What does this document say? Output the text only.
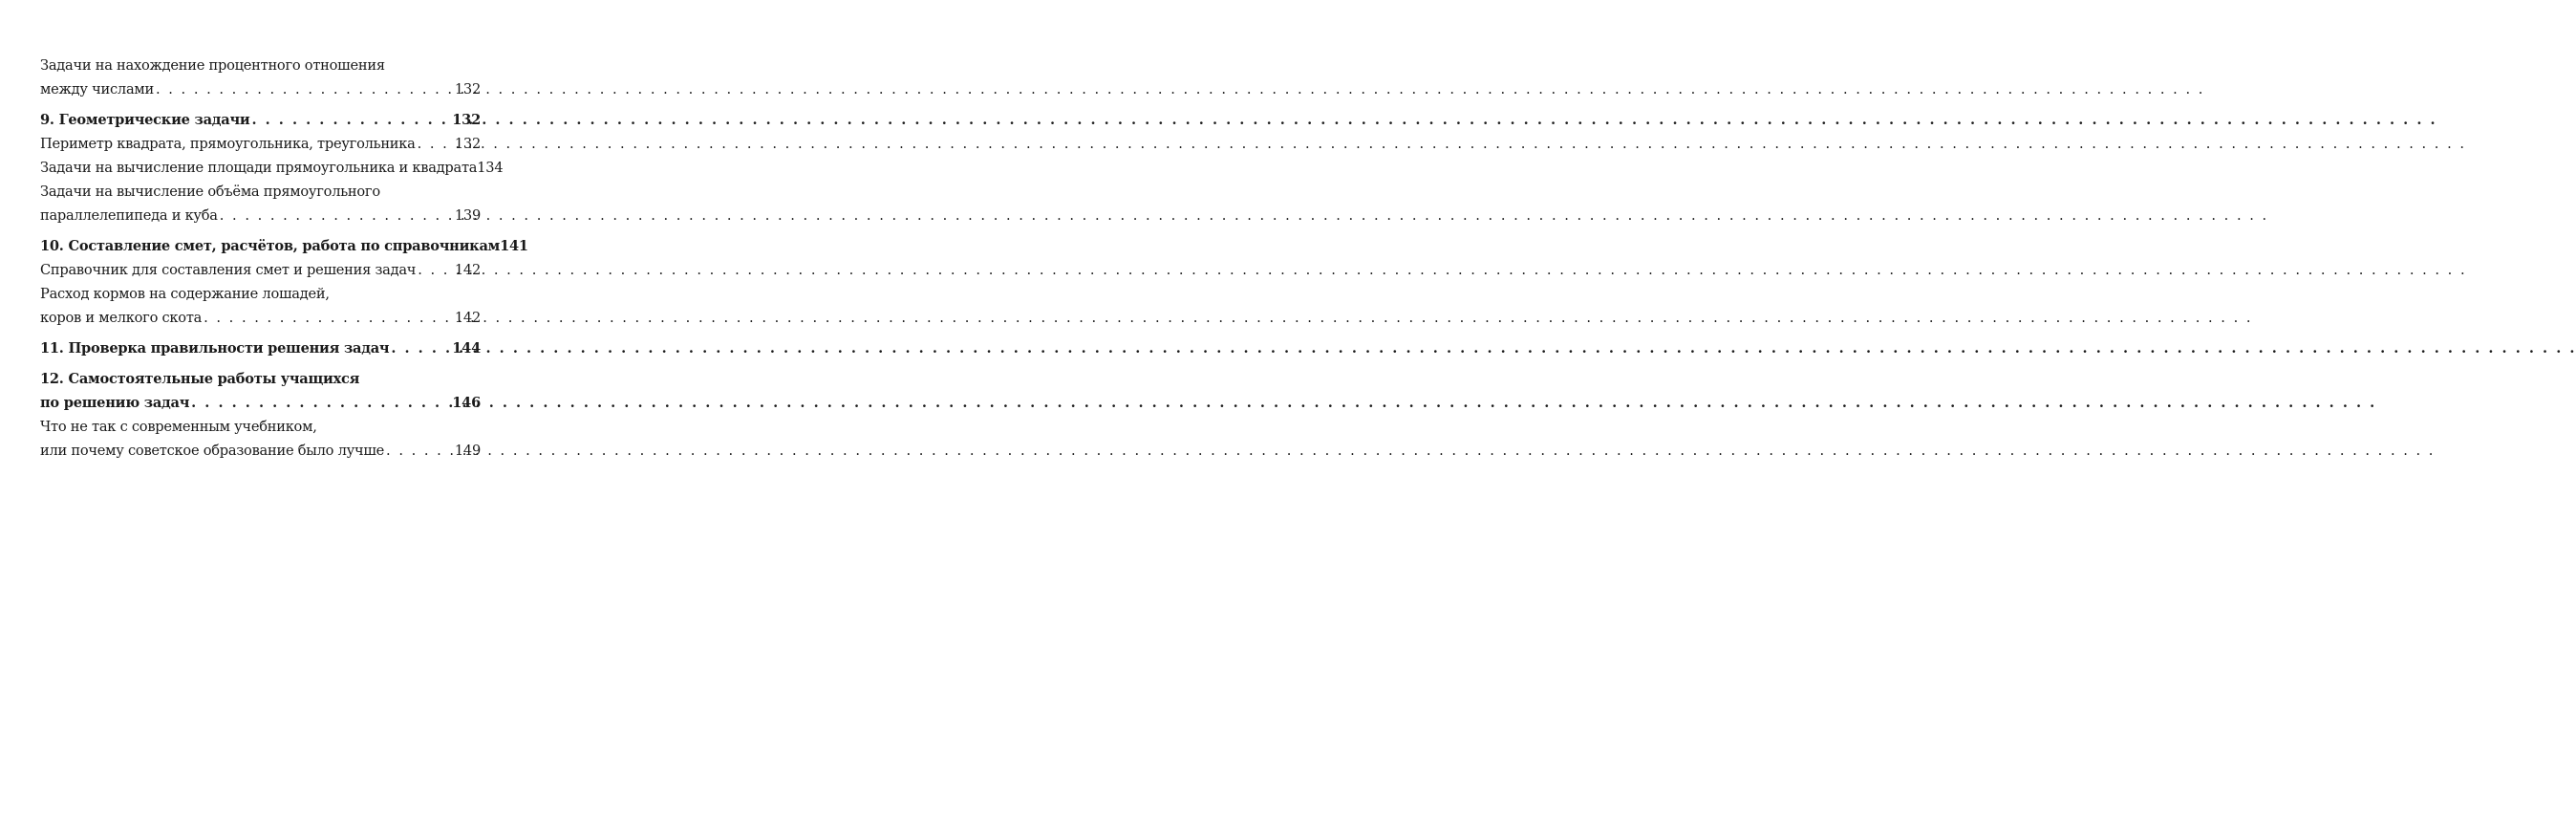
Задачи на нахождение процентного отношения
между числами . . .	132
9. Геометрические задачи . . .	132
Периметр квадрата, прямоугольника, треугольника . . .	132
Задачи на вычисление площади прямоугольника и квадрата 134
Задачи на вычисление объёма прямоугольного
параллелепипеда и куба . . .	139
10. Составление смет, расчётов, работа по справочникам 141
Справочник для составления смет и решения задач . . .	142
Расход кормов на содержание лошадей,
коров и мелкого скота . . .	142
11. Проверка правильности решения задач . . .	144
12. Самостоятельные работы учащихся
по решению задач . . .	146
Что не так с современным учебником,
или почему советское образование было лучше . . .	149
